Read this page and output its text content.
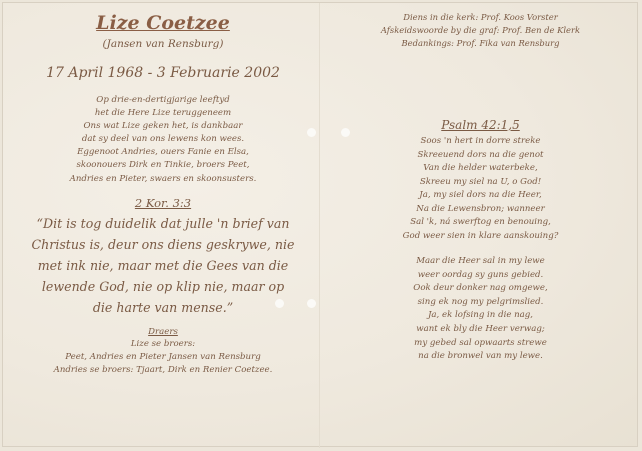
Lize Coetzee
(Jansen van Rensburg)
17 April 1968 - 3 Februarie 2002
Op drie-en-dertigjarige leeftyd
het die Here Lize teruggeneem
Ons wat Lize geken het, is dankbaar
dat sy deel van ons lewens kon wees.
Eggenoot Andries, ouers Fanie en Elsa,
skoonouers Dirk en Tinkie, broers Peet,
Andries en Pieter, swaers en skoonsusters.
2 Kor. 3:3
“Dit is tog duidelik dat julle 'n brief van
Christus is, deur ons diens geskrywe, nie
met ink nie, maar met die Gees van die
lewende God, nie op klip nie, maar op
die harte van mense.”
Draers
Lize se broers:
Peet, Andries en Pieter Jansen van Rensburg
Andries se broers: Tjaart, Dirk en Renier Coetzee.
Diens in die kerk: Prof. Koos Vorster
Afskeidswoorde by die graf: Prof. Ben de Klerk
Bedankings: Prof. Fika van Rensburg
Psalm 42:1,5
Soos 'n hert in dorre streke
Skreeuend dors na die genot
Van die helder waterbeke,
Skreeu my siel na U, o God!
Ja, my siel dors na die Heer,
Na die Lewensbron; wanneer
Sal 'k, ná swerftog en benouing,
God weer sien in klare aanskouing?
Maar die Heer sal in my lewe
weer oordag sy guns gebied.
Ook deur donker nag omgewe,
sing ek nog my pelgrimslied.
Ja, ek lofsing in die nag,
want ek bly die Heer verwag;
my gebed sal opwaarts strewe
na die bronwel van my lewe.
